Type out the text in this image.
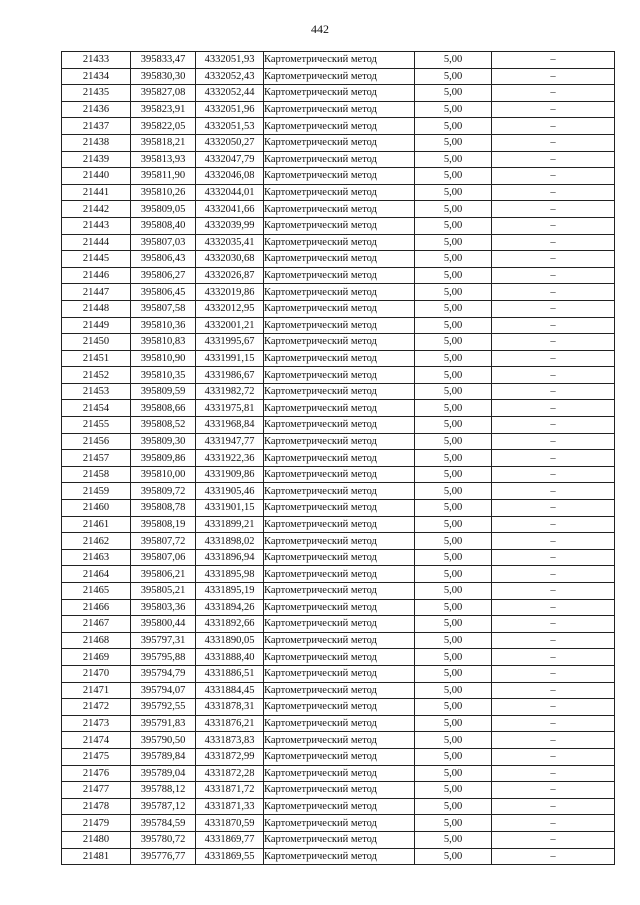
442
21433	395833,47	4332051,93	Картометрический метод	5,00	–
21434	395830,30	4332052,43	Картометрический метод	5,00	–
21435	395827,08	4332052,44	Картометрический метод	5,00	–
21436	395823,91	4332051,96	Картометрический метод	5,00	–
21437	395822,05	4332051,53	Картометрический метод	5,00	–
21438	395818,21	4332050,27	Картометрический метод	5,00	–
21439	395813,93	4332047,79	Картометрический метод	5,00	–
21440	395811,90	4332046,08	Картометрический метод	5,00	–
21441	395810,26	4332044,01	Картометрический метод	5,00	–
21442	395809,05	4332041,66	Картометрический метод	5,00	–
21443	395808,40	4332039,99	Картометрический метод	5,00	–
21444	395807,03	4332035,41	Картометрический метод	5,00	–
21445	395806,43	4332030,68	Картометрический метод	5,00	–
21446	395806,27	4332026,87	Картометрический метод	5,00	–
21447	395806,45	4332019,86	Картометрический метод	5,00	–
21448	395807,58	4332012,95	Картометрический метод	5,00	–
21449	395810,36	4332001,21	Картометрический метод	5,00	–
21450	395810,83	4331995,67	Картометрический метод	5,00	–
21451	395810,90	4331991,15	Картометрический метод	5,00	–
21452	395810,35	4331986,67	Картометрический метод	5,00	–
21453	395809,59	4331982,72	Картометрический метод	5,00	–
21454	395808,66	4331975,81	Картометрический метод	5,00	–
21455	395808,52	4331968,84	Картометрический метод	5,00	–
21456	395809,30	4331947,77	Картометрический метод	5,00	–
21457	395809,86	4331922,36	Картометрический метод	5,00	–
21458	395810,00	4331909,86	Картометрический метод	5,00	–
21459	395809,72	4331905,46	Картометрический метод	5,00	–
21460	395808,78	4331901,15	Картометрический метод	5,00	–
21461	395808,19	4331899,21	Картометрический метод	5,00	–
21462	395807,72	4331898,02	Картометрический метод	5,00	–
21463	395807,06	4331896,94	Картометрический метод	5,00	–
21464	395806,21	4331895,98	Картометрический метод	5,00	–
21465	395805,21	4331895,19	Картометрический метод	5,00	–
21466	395803,36	4331894,26	Картометрический метод	5,00	–
21467	395800,44	4331892,66	Картометрический метод	5,00	–
21468	395797,31	4331890,05	Картометрический метод	5,00	–
21469	395795,88	4331888,40	Картометрический метод	5,00	–
21470	395794,79	4331886,51	Картометрический метод	5,00	–
21471	395794,07	4331884,45	Картометрический метод	5,00	–
21472	395792,55	4331878,31	Картометрический метод	5,00	–
21473	395791,83	4331876,21	Картометрический метод	5,00	–
21474	395790,50	4331873,83	Картометрический метод	5,00	–
21475	395789,84	4331872,99	Картометрический метод	5,00	–
21476	395789,04	4331872,28	Картометрический метод	5,00	–
21477	395788,12	4331871,72	Картометрический метод	5,00	–
21478	395787,12	4331871,33	Картометрический метод	5,00	–
21479	395784,59	4331870,59	Картометрический метод	5,00	–
21480	395780,72	4331869,77	Картометрический метод	5,00	–
21481	395776,77	4331869,55	Картометрический метод	5,00	–
